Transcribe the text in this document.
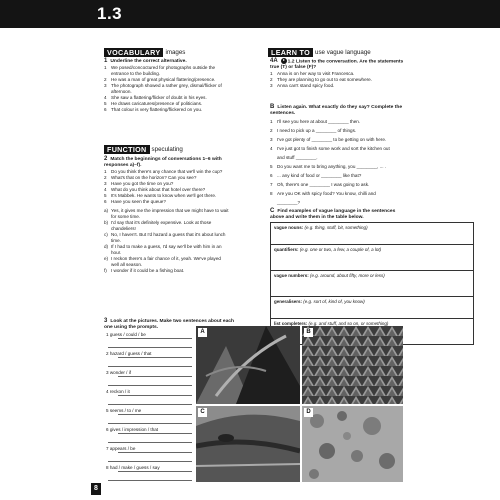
1.3
VOCABULARY images
1 Underline the correct alternative.
1 We posed/concoctured for photographs outside the
entrance to the building.
2 He was a man of great physical flattering/presence.
3 The photograph showed a rather grey, dismal/flicker of
afternoon.
4 She saw a flattering/flicker of doubt in his eyes.
5 He draws caricatures/presence of politicians.
6 That colour is very flattering/flickered on you.
FUNCTION speculating
2 Match the beginnings of conversations 1–6 with
responses a)–f).
1 Do you think there's any chance that we'll win the cup?
2 What's that on the horizon? Can you see?
3 Have you got the time on you?
4 What do you think about that hotel over there?
5 It's Mabbek. He wants to know when we'll get there.
6 Have you seen the queue?
a) Yes, it gives me the impression that we might have to wait
for some time.
b) I'd say that it's definitely expensive. Look at those
chandeliers!
c) No, I haven't. But I'd hazard a guess that it's about lunch
time.
d) If I had to make a guess, I'd say we'll be with him in an
hour.
e) I reckon there's a fair chance of it, yeah. We've played
well all season.
f) I wonder if it could be a fishing boat.
3 Look at the pictures. Make two sentences about each
one using the prompts.
1 guess / could / be
2 hazard / guess / that
3 wonder / if
4 reckon / it
5 seems / to / me
6 gives / impression / that
7 appears / be
8 had / make / guess / say
LEARN TO use vague language
4A 1.2 Listen to the conversation. Are the statements
true (T) or false (F)?
1 Anna is on her way to visit Francesca.
2 They are planning to go out to eat somewhere.
3 Anna can't stand spicy food.
B Listen again. What exactly do they say? Complete the
sentences.
1 I'll see you here at about ________ then.
2 I need to pick up a ________ of things.
3 I've got plenty of ________ to be getting on with here.
4 I've just got to finish some work and sort the kitchen out
and stuff ________.
5 Do you want me to bring anything, you ________, ... .
6 ... any kind of food or ________ like that?
7 Oh, there's one ________ I was going to ask.
8 Are you OK with spicy food? You know, chilli and
________?
C Find examples of vague language in the sentences
above and write them in the table below.
vague nouns: (e.g. thing, stuff, bit, something)
quantifiers: (e.g. one or two, a few, a couple of, a lot)
vague numbers: (e.g. around, about fifty, more or less)
generalisers: (e.g. sort of, kind of, you know)
list completers: (e.g. and stuff, and so on, or something)
A	B
C	D
8
